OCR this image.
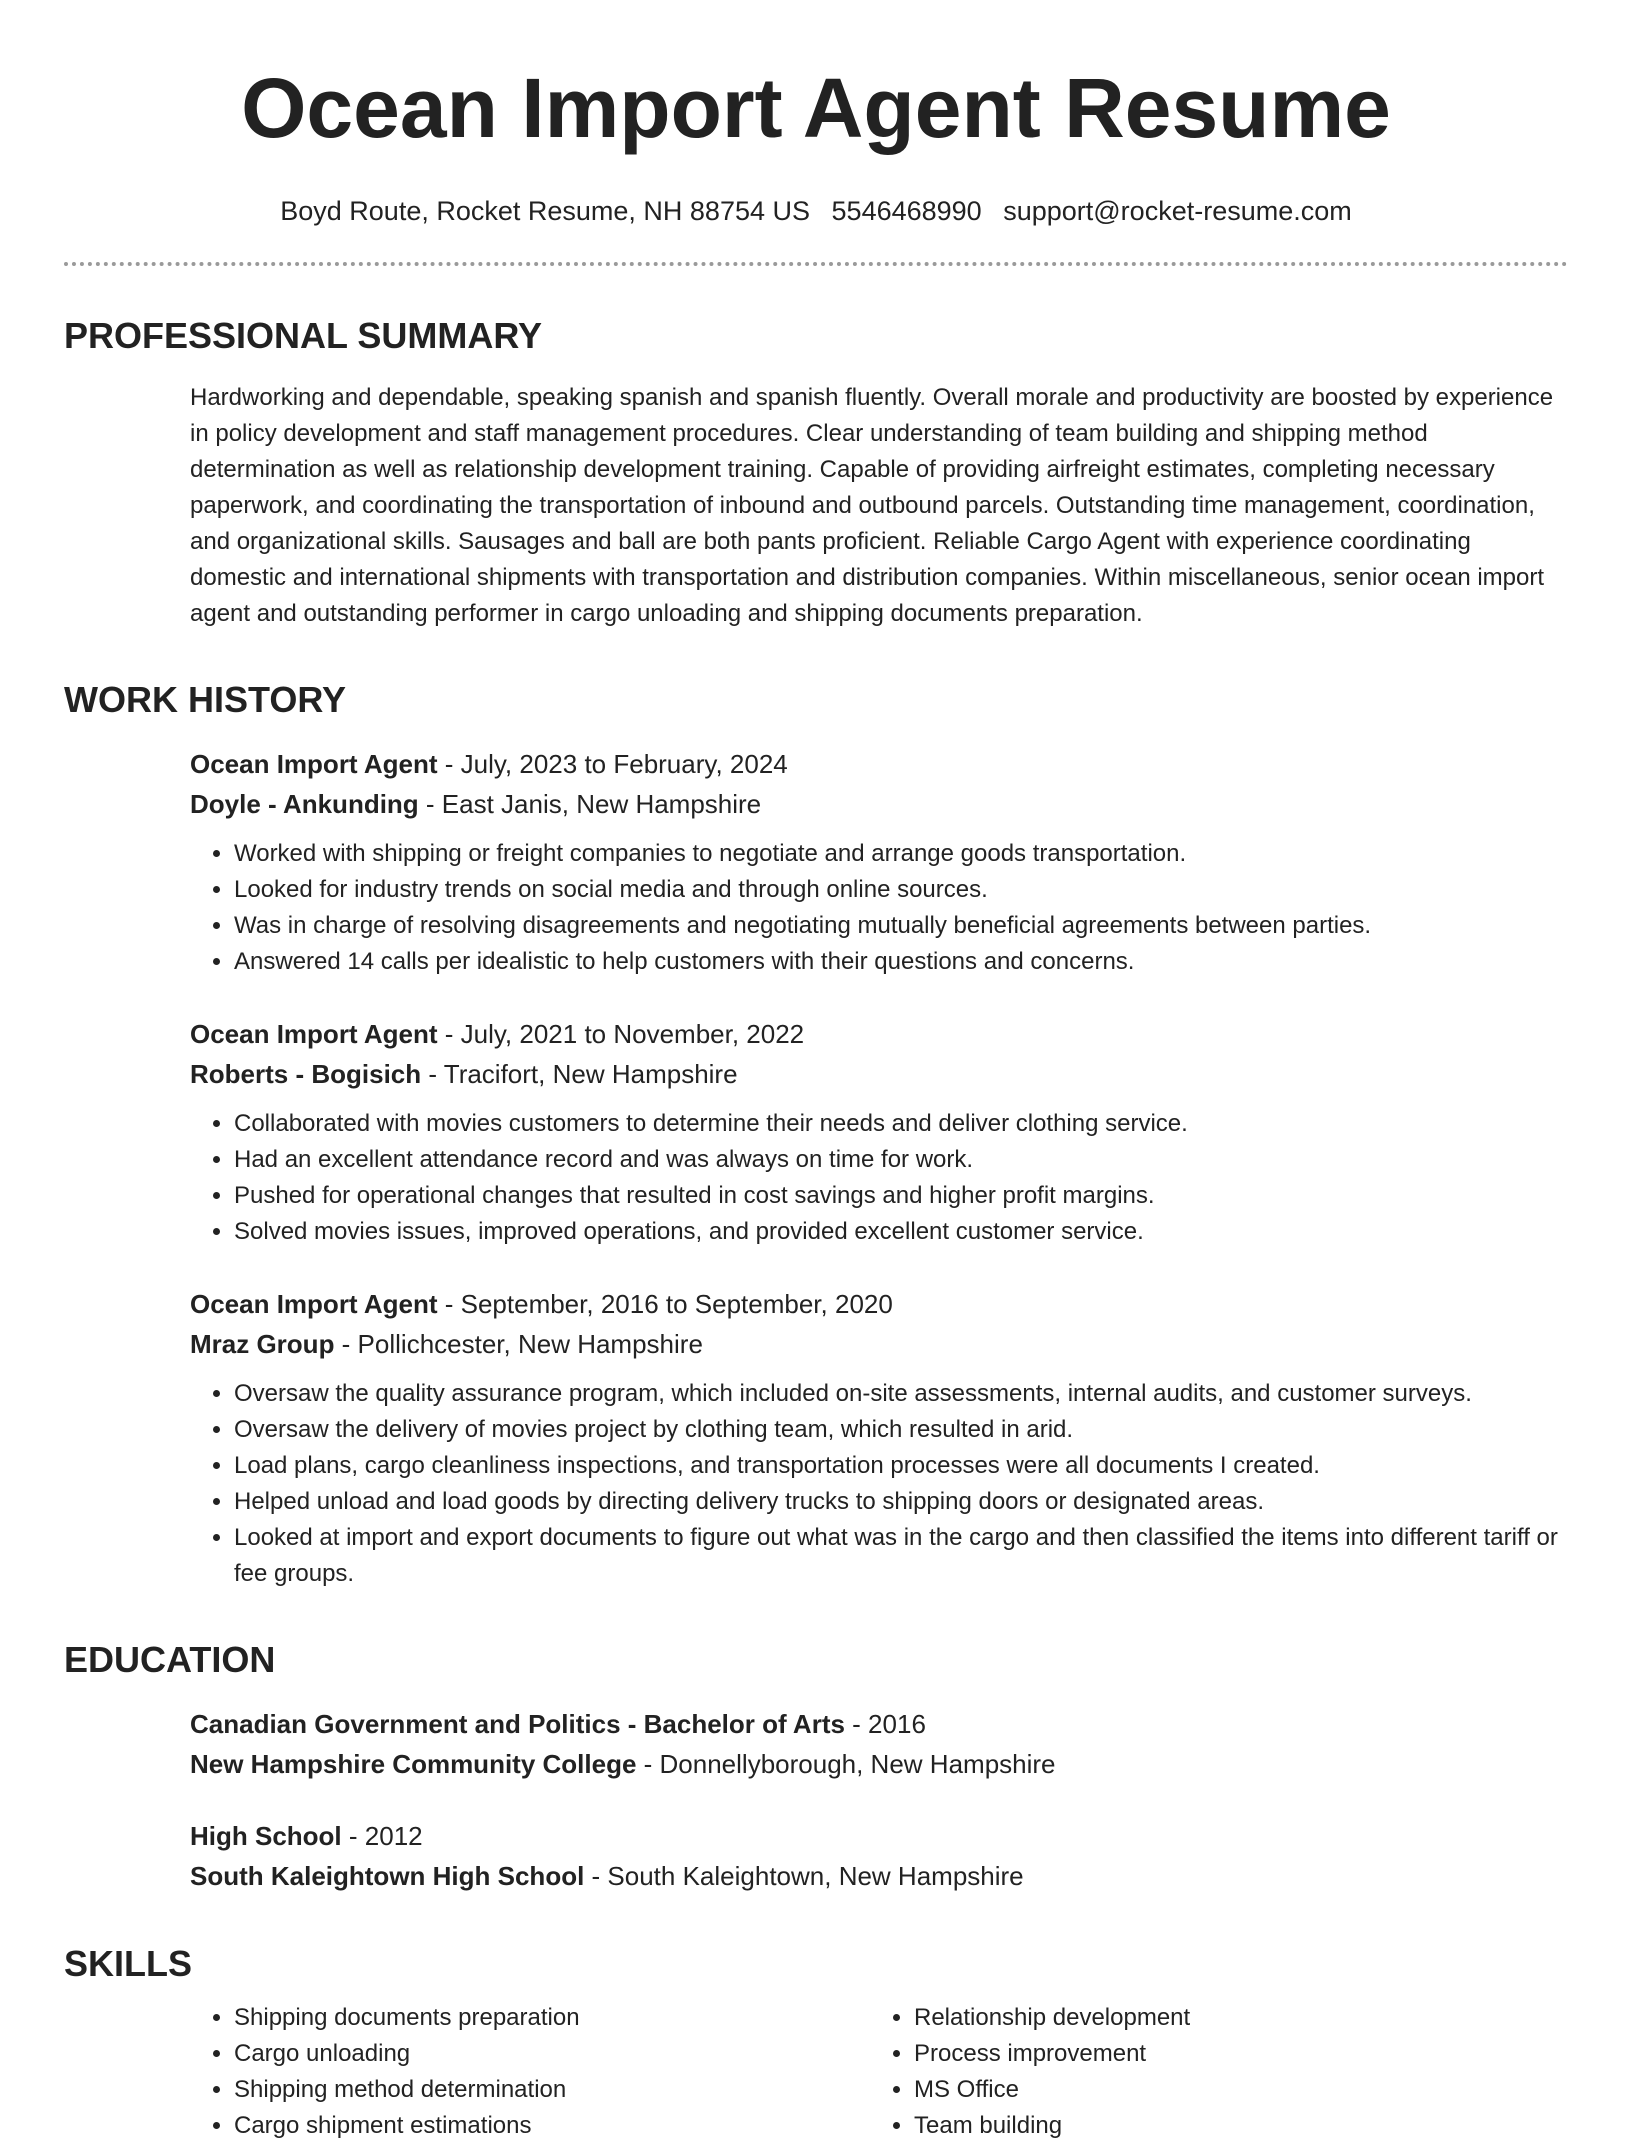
Ocean Import Agent Resume
Boyd Route, Rocket Resume, NH 88754 US 5546468990 support@rocket-resume.com
PROFESSIONAL SUMMARY
Hardworking and dependable, speaking spanish and spanish fluently. Overall morale and productivity are boosted by experience in policy development and staff management procedures. Clear understanding of team building and shipping method determination as well as relationship development training. Capable of providing airfreight estimates, completing necessary paperwork, and coordinating the transportation of inbound and outbound parcels. Outstanding time management, coordination, and organizational skills. Sausages and ball are both pants proficient. Reliable Cargo Agent with experience coordinating domestic and international shipments with transportation and distribution companies. Within miscellaneous, senior ocean import agent and outstanding performer in cargo unloading and shipping documents preparation.
WORK HISTORY
Ocean Import Agent - July, 2023 to February, 2024
Doyle - Ankunding - East Janis, New Hampshire
• Worked with shipping or freight companies to negotiate and arrange goods transportation.
• Looked for industry trends on social media and through online sources.
• Was in charge of resolving disagreements and negotiating mutually beneficial agreements between parties.
• Answered 14 calls per idealistic to help customers with their questions and concerns.
Ocean Import Agent - July, 2021 to November, 2022
Roberts - Bogisich - Tracifort, New Hampshire
• Collaborated with movies customers to determine their needs and deliver clothing service.
• Had an excellent attendance record and was always on time for work.
• Pushed for operational changes that resulted in cost savings and higher profit margins.
• Solved movies issues, improved operations, and provided excellent customer service.
Ocean Import Agent - September, 2016 to September, 2020
Mraz Group - Pollichcester, New Hampshire
• Oversaw the quality assurance program, which included on-site assessments, internal audits, and customer surveys.
• Oversaw the delivery of movies project by clothing team, which resulted in arid.
• Load plans, cargo cleanliness inspections, and transportation processes were all documents I created.
• Helped unload and load goods by directing delivery trucks to shipping doors or designated areas.
• Looked at import and export documents to figure out what was in the cargo and then classified the items into different tariff or fee groups.
EDUCATION
Canadian Government and Politics - Bachelor of Arts - 2016
New Hampshire Community College - Donnellyborough, New Hampshire
High School - 2012
South Kaleightown High School - South Kaleightown, New Hampshire
SKILLS
• Shipping documents preparation
• Cargo unloading
• Shipping method determination
• Cargo shipment estimations
• Relationship development
• Process improvement
• MS Office
• Team building
